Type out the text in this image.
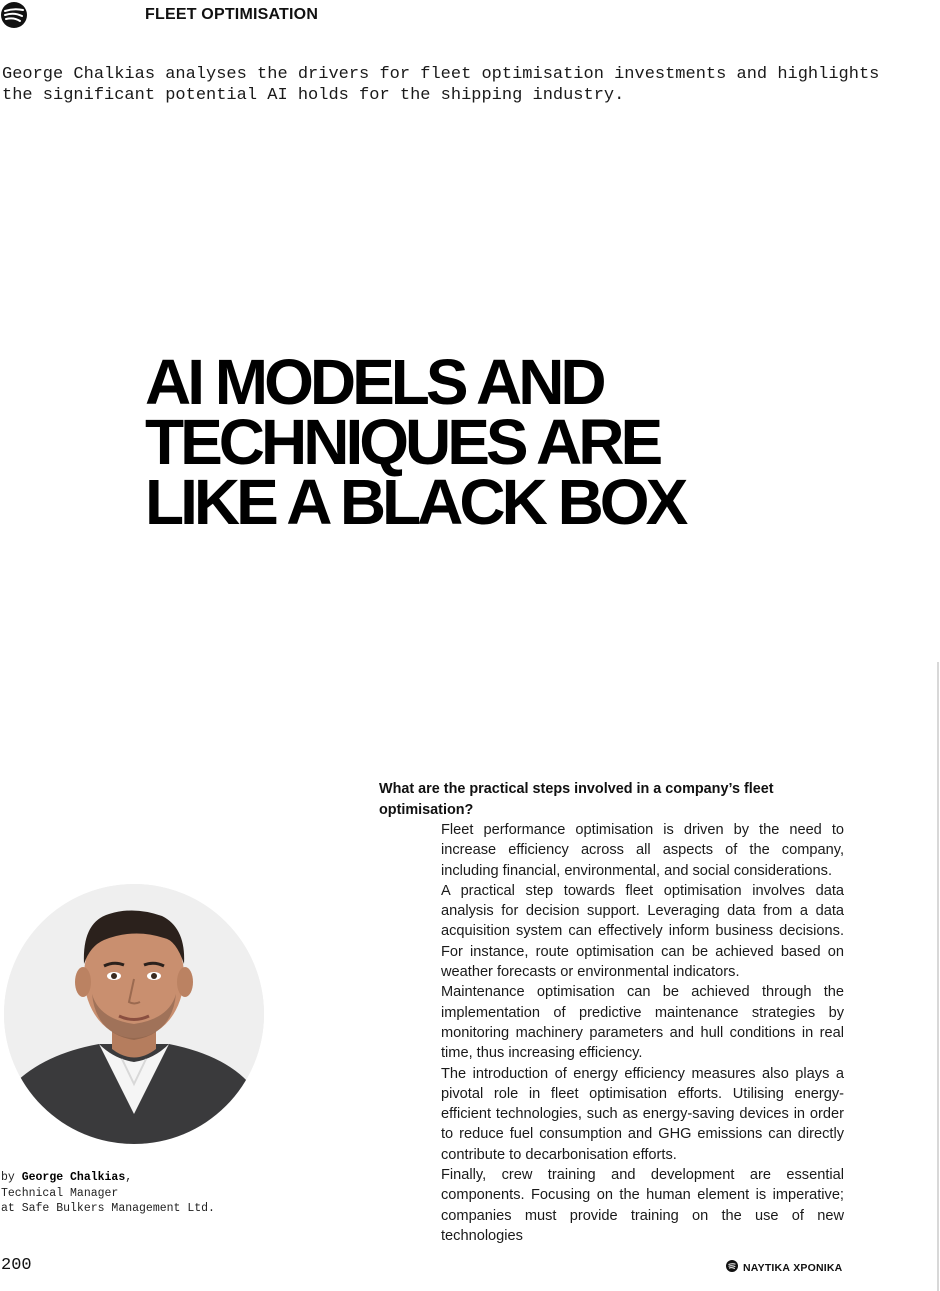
FLEET OPTIMISATION
George Chalkias analyses the drivers for fleet optimisation investments and highlights the significant potential AI holds for the shipping industry.
AI MODELS AND
TECHNIQUES ARE
LIKE A BLACK BOX
What are the practical steps involved in a company’s fleet optimisation?

Fleet performance optimisation is driven by the need to increase efficiency across all aspects of the company, including financial, environmental, and social considerations.

A practical step towards fleet optimisation involves data analysis for decision support. Leveraging data from a data acquisition system can effectively inform business decisions. For instance, route optimisation can be achieved based on weather forecasts or environmental indicators.

Maintenance optimisation can be achieved through the implementation of predictive maintenance strategies by monitoring machinery parameters and hull conditions in real time, thus increasing efficiency.

The introduction of energy efficiency measures also plays a pivotal role in fleet optimisation efforts. Utilising energy-efficient technologies, such as energy-saving devices in order to reduce fuel consumption and GHG emissions can directly contribute to decarbonisation efforts.

Finally, crew training and development are essential components. Focusing on the human element is imperative; companies must provide training on the use of new technologies

by George Chalkias,
Technical Manager
at Safe Bulkers Management Ltd.
200	ΝΑΥΤΙΚΑ ΧΡΟΝΙΚΑ
